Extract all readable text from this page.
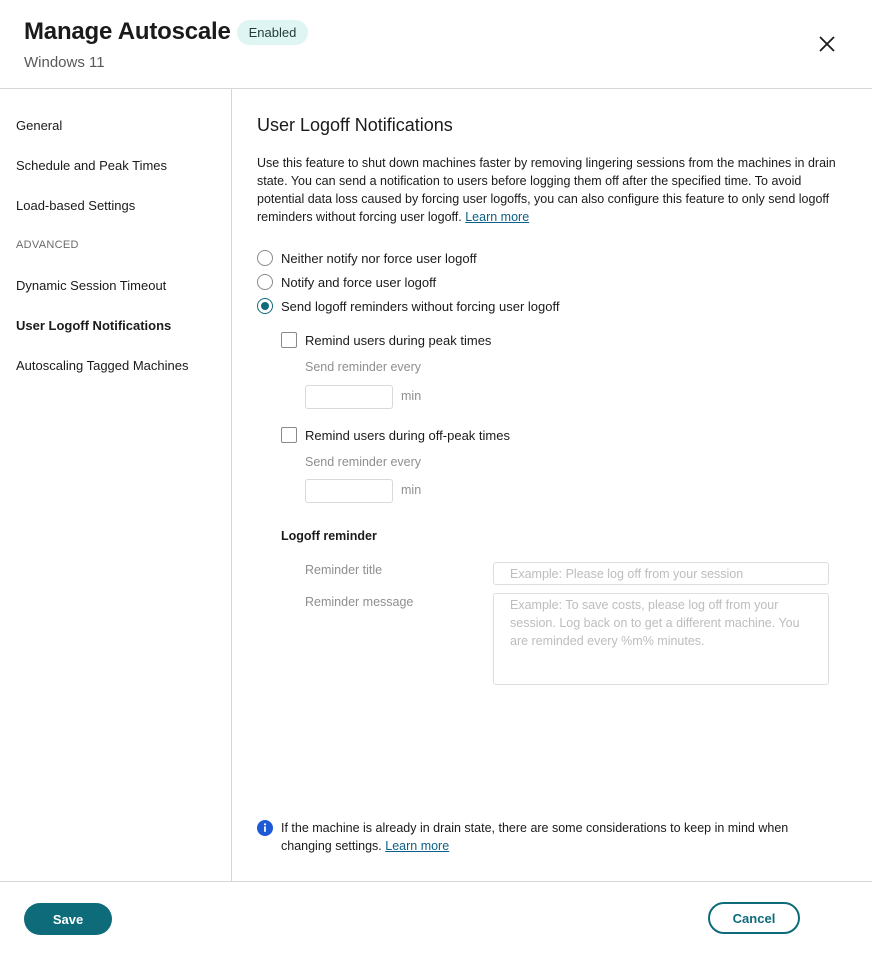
Manage Autoscale	Enabled
Windows 11
General
Schedule and Peak Times
Load-based Settings
ADVANCED
Dynamic Session Timeout
User Logoff Notifications
Autoscaling Tagged Machines
User Logoff Notifications
Use this feature to shut down machines faster by removing lingering sessions from the machines in drain state. You can send a notification to users before logging them off after the specified time. To avoid potential data loss caused by forcing user logoffs, you can also configure this feature to only send logoff reminders without forcing user logoff. Learn more
Neither notify nor force user logoff
Notify and force user logoff
Send logoff reminders without forcing user logoff
Remind users during peak times
Send reminder every
min
Remind users during off-peak times
Send reminder every
min
Logoff reminder
Reminder title
Example: Please log off from your session
Reminder message
Example: To save costs, please log off from your session. Log back on to get a different machine. You are reminded every %m% minutes.
If the machine is already in drain state, there are some considerations to keep in mind when changing settings. Learn more
Save	Cancel
